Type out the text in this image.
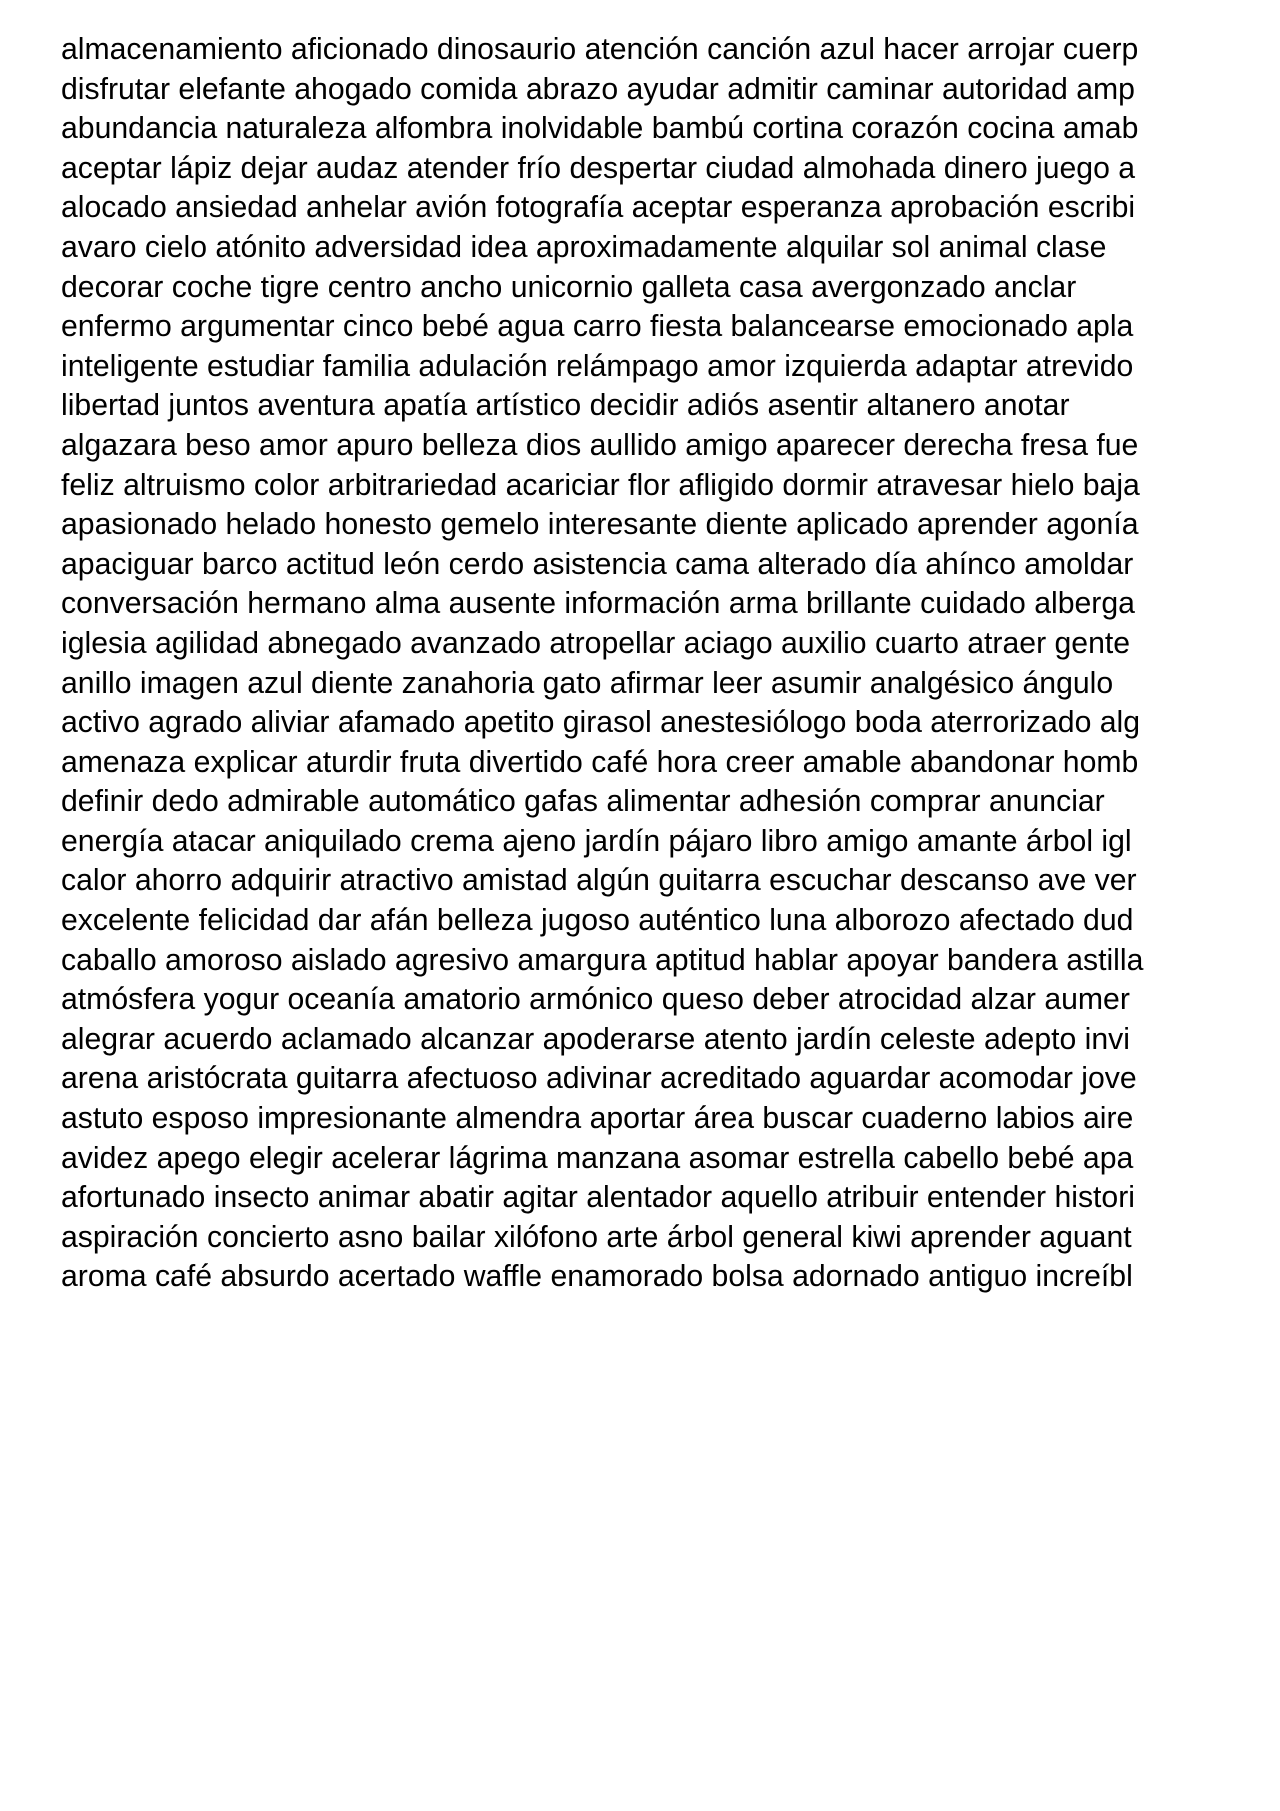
almacenamiento aficionado dinosaurio atención canción azul hacer arrojar cuerp
disfrutar elefante ahogado comida abrazo ayudar admitir caminar autoridad amp
abundancia naturaleza alfombra inolvidable bambú cortina corazón cocina amab
aceptar lápiz dejar audaz atender frío despertar ciudad almohada dinero juego a
alocado ansiedad anhelar avión fotografía aceptar esperanza aprobación escribi
avaro cielo atónito adversidad idea aproximadamente alquilar sol animal clase
decorar coche tigre centro ancho unicornio galleta casa avergonzado anclar
enfermo argumentar cinco bebé agua carro fiesta balancearse emocionado apla
inteligente estudiar familia adulación relámpago amor izquierda adaptar atrevido
libertad juntos aventura apatía artístico decidir adiós asentir altanero anotar
algazara beso amor apuro belleza dios aullido amigo aparecer derecha fresa fue
feliz altruismo color arbitrariedad acariciar flor afligido dormir atravesar hielo baja
apasionado helado honesto gemelo interesante diente aplicado aprender agonía
apaciguar barco actitud león cerdo asistencia cama alterado día ahínco amoldar
conversación hermano alma ausente información arma brillante cuidado alberga
iglesia agilidad abnegado avanzado atropellar aciago auxilio cuarto atraer gente
anillo imagen azul diente zanahoria gato afirmar leer asumir analgésico ángulo
activo agrado aliviar afamado apetito girasol anestesiólogo boda aterrorizado alg
amenaza explicar aturdir fruta divertido café hora creer amable abandonar homb
definir dedo admirable automático gafas alimentar adhesión comprar anunciar
energía atacar aniquilado crema ajeno jardín pájaro libro amigo amante árbol igl
calor ahorro adquirir atractivo amistad algún guitarra escuchar descanso ave ver
excelente felicidad dar afán belleza jugoso auténtico luna alborozo afectado dud
caballo amoroso aislado agresivo amargura aptitud hablar apoyar bandera astilla
atmósfera yogur oceanía amatorio armónico queso deber atrocidad alzar aumer
alegrar acuerdo aclamado alcanzar apoderarse atento jardín celeste adepto invi
arena aristócrata guitarra afectuoso adivinar acreditado aguardar acomodar jove
astuto esposo impresionante almendra aportar área buscar cuaderno labios aire
avidez apego elegir acelerar lágrima manzana asomar estrella cabello bebé apa
afortunado insecto animar abatir agitar alentador aquello atribuir entender histori
aspiración concierto asno bailar xilófono arte árbol general kiwi aprender aguant
aroma café absurdo acertado waffle enamorado bolsa adornado antiguo increíbl
